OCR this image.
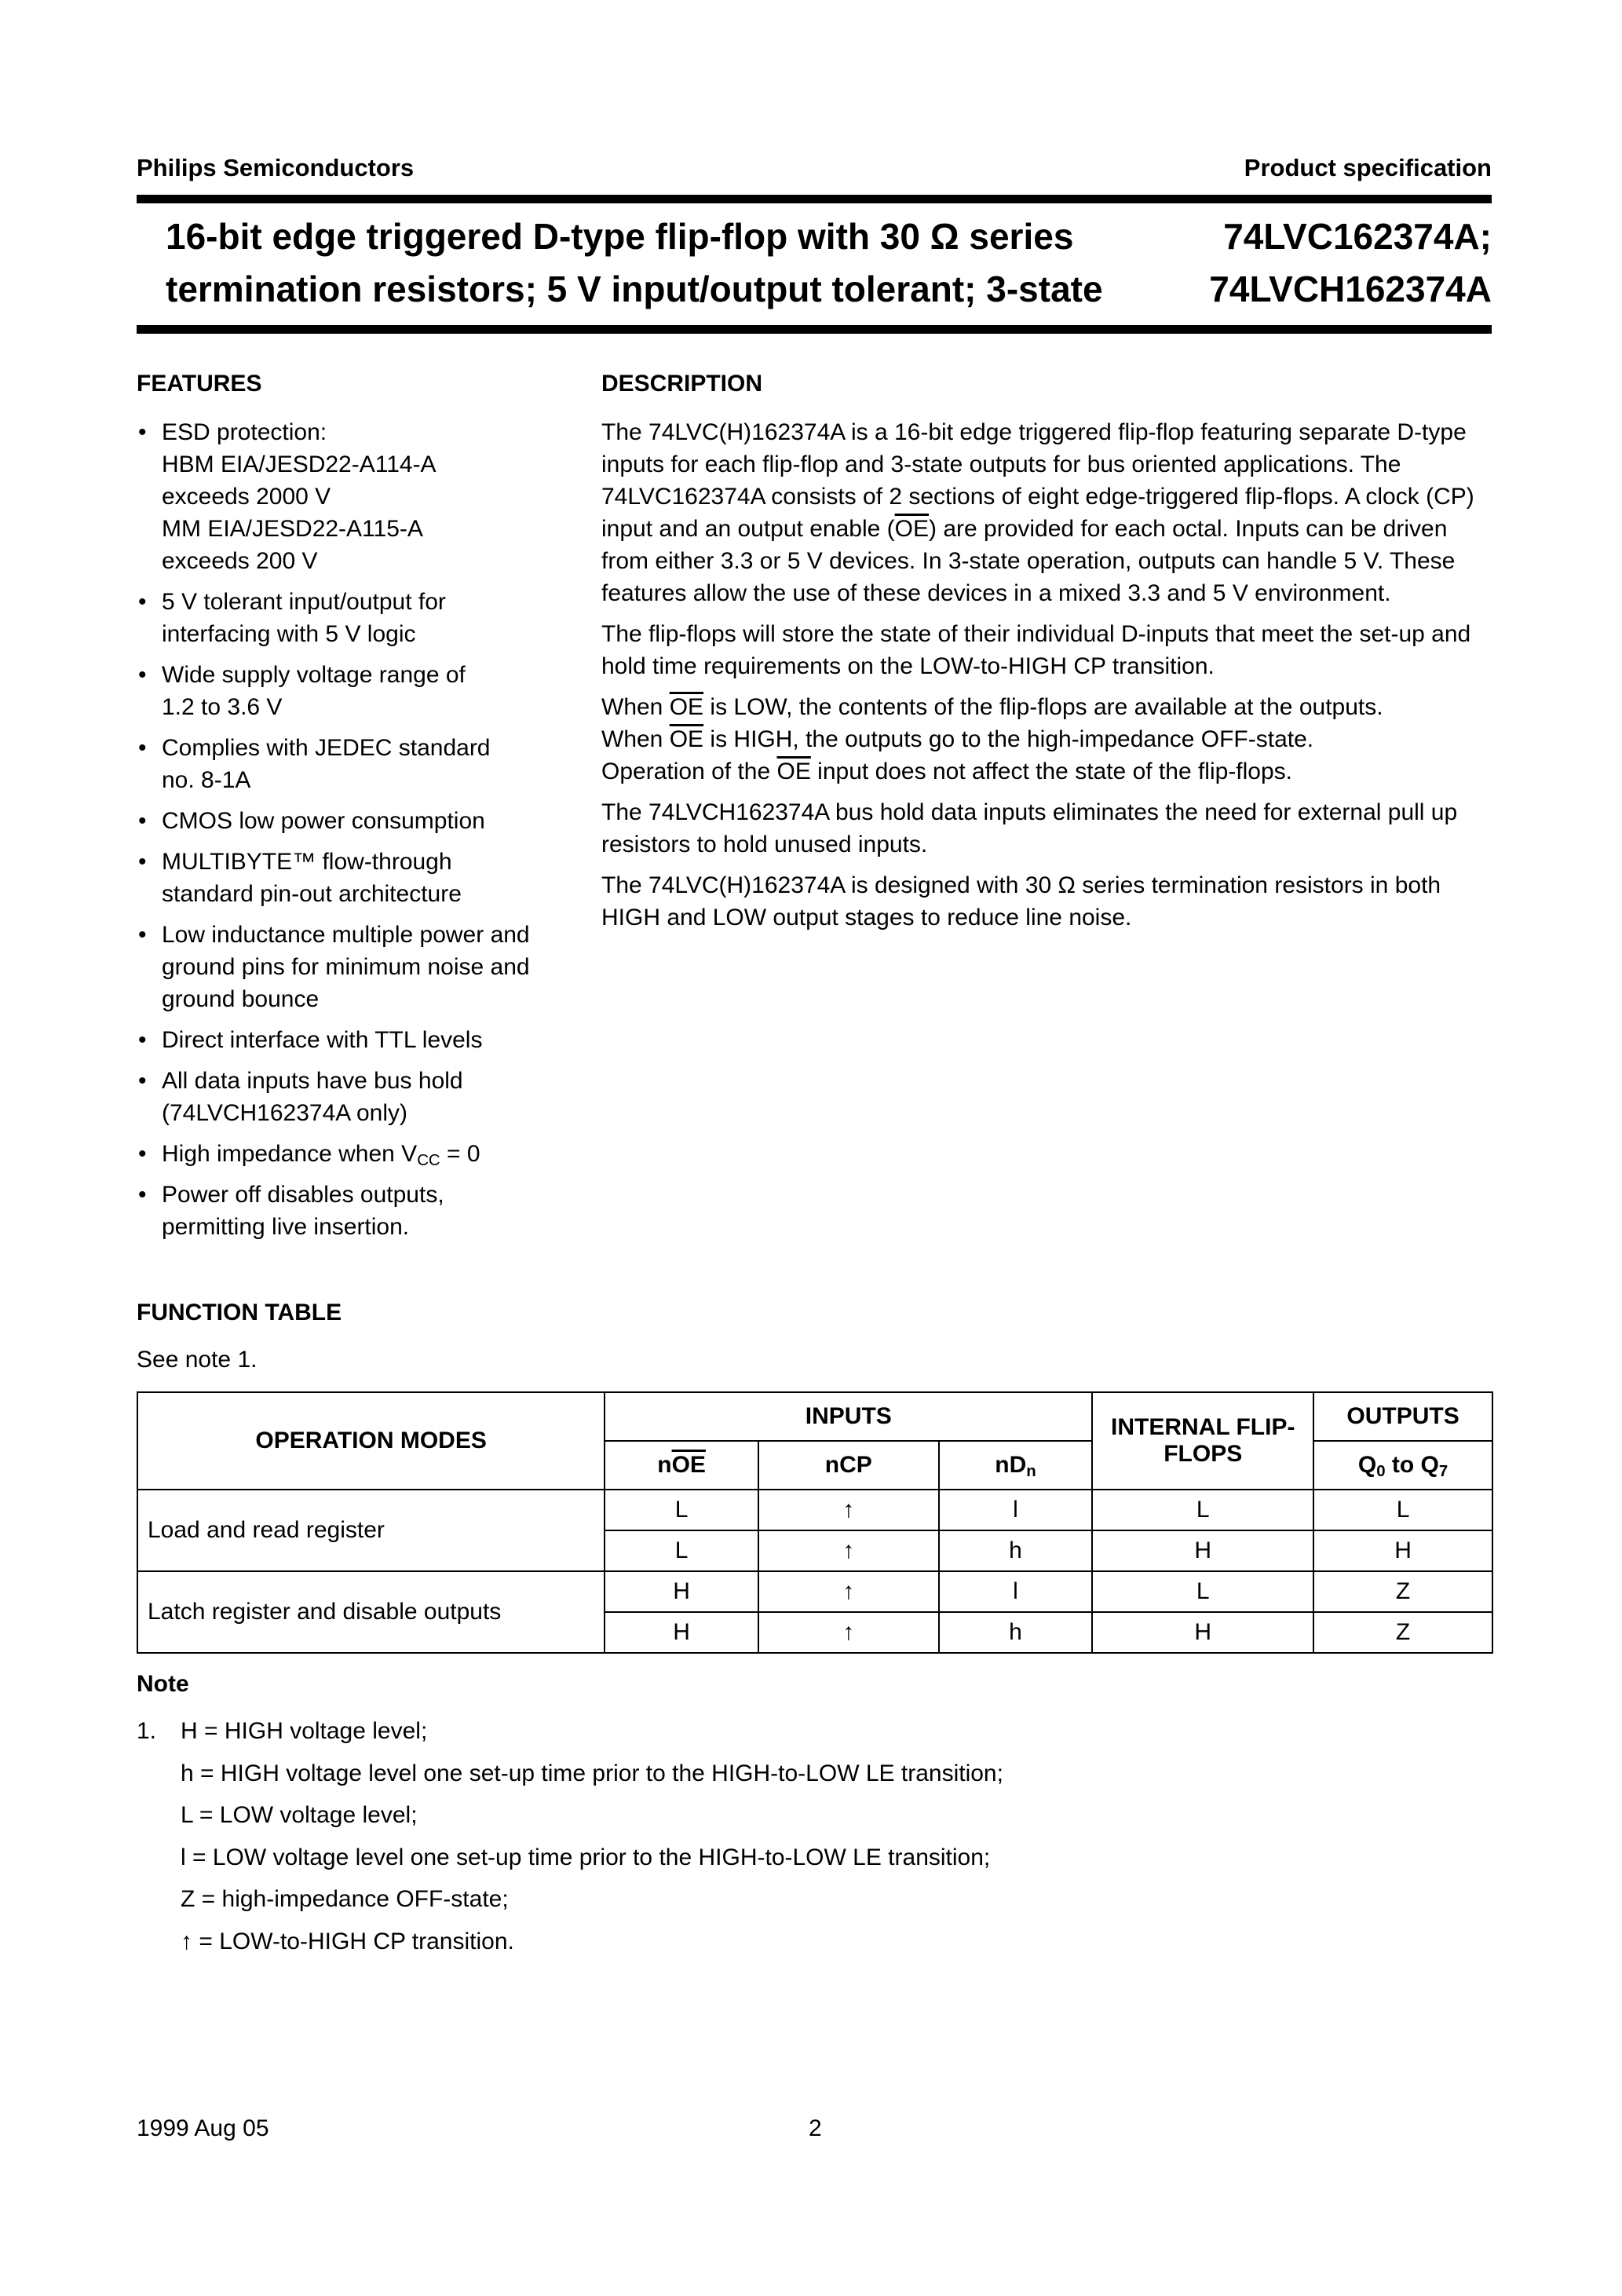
Philips Semiconductors	Product specification
16-bit edge triggered D-type flip-flop with 30 Ω series
termination resistors; 5 V input/output tolerant; 3-state
74LVC162374A;
74LVCH162374A
FEATURES
• ESD protection:
HBM EIA/JESD22-A114-A
exceeds 2000 V
MM EIA/JESD22-A115-A
exceeds 200 V
• 5 V tolerant input/output for
interfacing with 5 V logic
• Wide supply voltage range of
1.2 to 3.6 V
• Complies with JEDEC standard
no. 8-1A
• CMOS low power consumption
• MULTIBYTE™ flow-through
standard pin-out architecture
• Low inductance multiple power and
ground pins for minimum noise and
ground bounce
• Direct interface with TTL levels
• All data inputs have bus hold
(74LVCH162374A only)
• High impedance when $V_{CC} = 0$
• Power off disables outputs,
permitting live insertion.
DESCRIPTION

The 74LVC(H)162374A is a 16-bit edge triggered flip-flop featuring separate D-type inputs for each flip-flop and 3-state outputs for bus oriented applications. The 74LVC162374A consists of 2 sections of eight edge-triggered flip-flops. A clock (CP) input and an output enable $(\overline{OE})$ are provided for each octal. Inputs can be driven from either 3.3 or 5 V devices. In 3-state operation, outputs can handle 5 V. These features allow the use of these devices in a mixed 3.3 and 5 V environment.

The flip-flops will store the state of their individual D-inputs that meet the set-up and hold time requirements on the LOW-to-HIGH CP transition.

When $\overline{OE}$ is LOW, the contents of the flip-flops are available at the outputs.
When $\overline{OE}$ is HIGH, the outputs go to the high-impedance OFF-state.
Operation of the $\overline{OE}$ input does not affect the state of the flip-flops.

The 74LVCH162374A bus hold data inputs eliminates the need for external pull up resistors to hold unused inputs.

The 74LVC(H)162374A is designed with 30 Ω series termination resistors in both HIGH and LOW output stages to reduce line noise.

FUNCTION TABLE
See note 1.
OPERATION MODES	INPUTS			INTERNAL FLIP-FLOPS	OUTPUTS
	$n\overline{OE}$	nCP	$nD_n$		$Q_0$ to $Q_7$
Load and read register	L	↑	l	L	L
	L	↑	h	H	H
Latch register and disable outputs	H	↑	l	L	Z
	H	↑	h	H	Z
Note
1.	H = HIGH voltage level;
h = HIGH voltage level one set-up time prior to the HIGH-to-LOW LE transition;
L = LOW voltage level;
l = LOW voltage level one set-up time prior to the HIGH-to-LOW LE transition;
Z = high-impedance OFF-state;
↑ = LOW-to-HIGH CP transition.
1999 Aug 05	2
